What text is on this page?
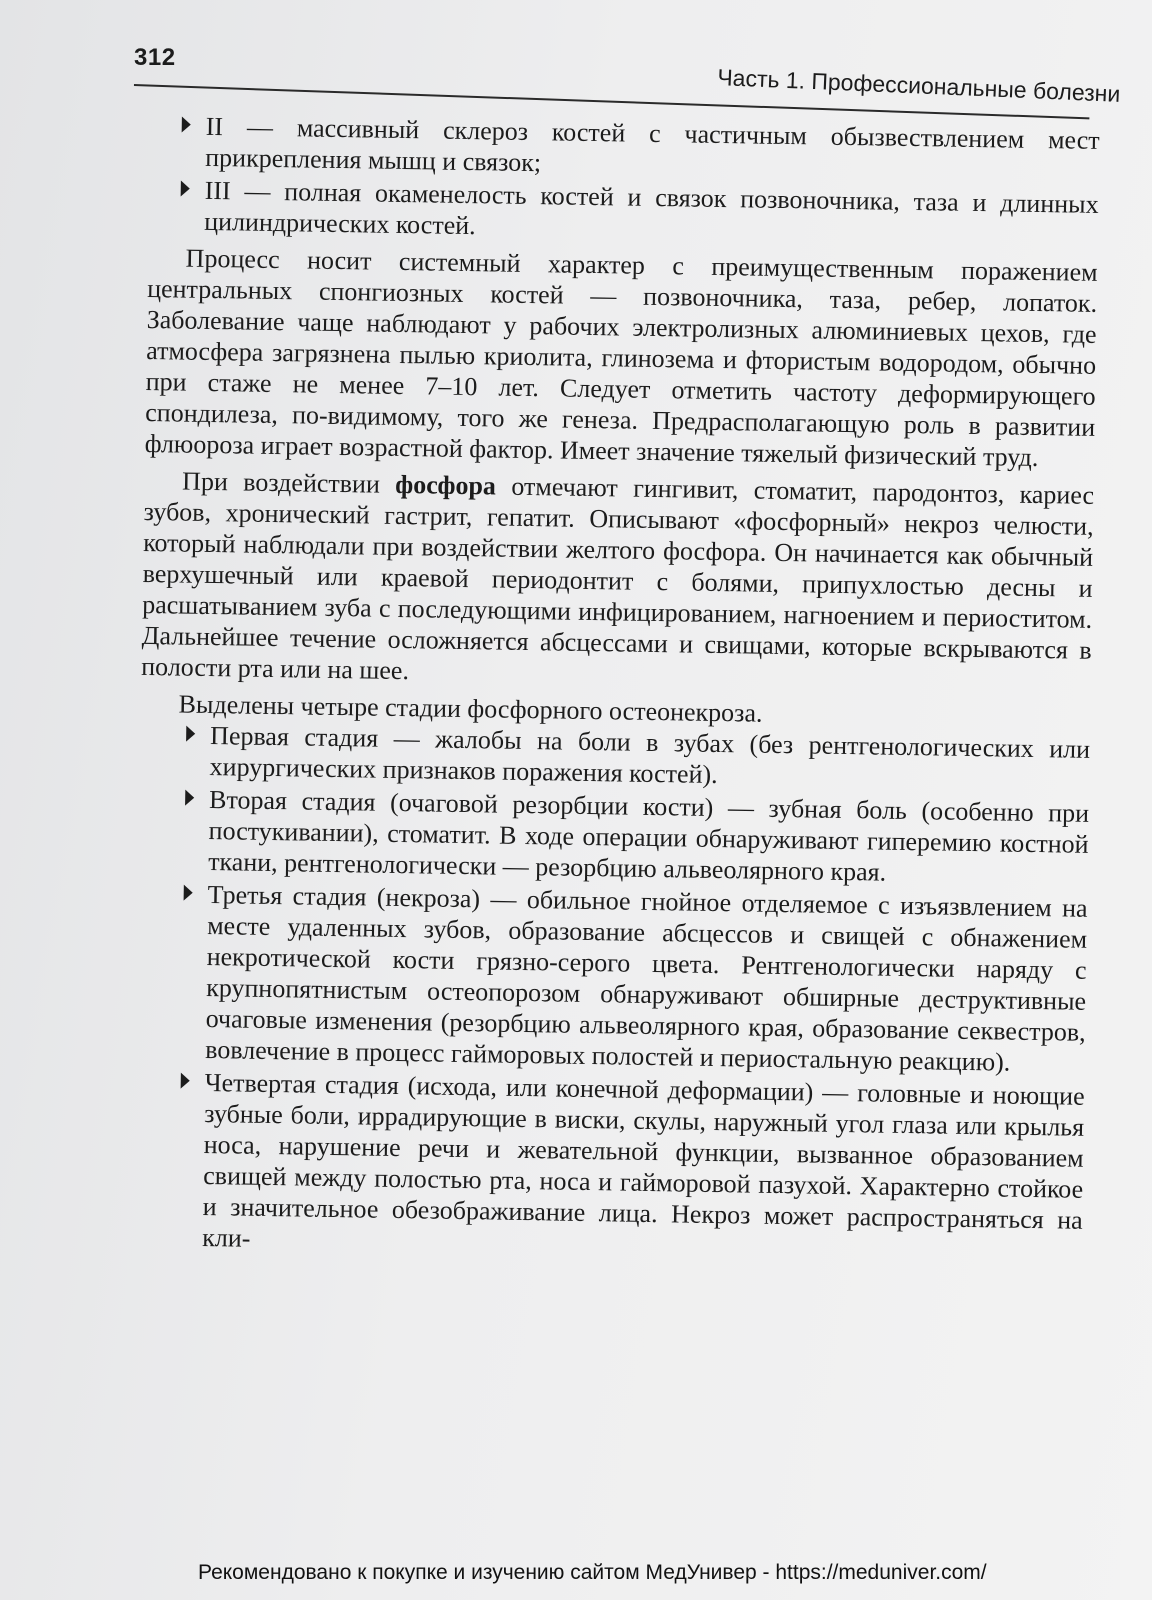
312
Часть 1. Профессиональные болезни
II — массивный склероз костей с частичным обызвествлением мест прикрепления мышц и связок;
III — полная окаменелость костей и связок позвоночника, таза и длинных цилиндрических костей.

Процесс носит системный характер с преимущественным поражением центральных спонгиозных костей — позвоночника, таза, ребер, лопаток. Заболевание чаще наблюдают у рабочих электролизных алюминиевых цехов, где атмосфера загрязнена пылью криолита, глинозема и фтористым водородом, обычно при стаже не менее 7–10 лет. Следует отметить частоту деформирующего спондилеза, по-видимому, того же генеза. Предрасполагающую роль в развитии флюороза играет возрастной фактор. Имеет значение тяжелый физический труд.

При воздействии фосфора отмечают гингивит, стоматит, пародонтоз, кариес зубов, хронический гастрит, гепатит. Описывают «фосфорный» некроз челюсти, который наблюдали при воздействии желтого фосфора. Он начинается как обычный верхушечный или краевой периодонтит с болями, припухлостью десны и расшатыванием зуба с последующими инфицированием, нагноением и периоститом. Дальнейшее течение осложняется абсцессами и свищами, которые вскрываются в полости рта или на шее.

Выделены четыре стадии фосфорного остеонекроза.

Первая стадия — жалобы на боли в зубах (без рентгенологических или хирургических признаков поражения костей).
Вторая стадия (очаговой резорбции кости) — зубная боль (особенно при постукивании), стоматит. В ходе операции обнаруживают гиперемию костной ткани, рентгенологически — резорбцию альвеолярного края.
Третья стадия (некроза) — обильное гнойное отделяемое с изъязвлением на месте удаленных зубов, образование абсцессов и свищей с обнажением некротической кости грязно-серого цвета. Рентгенологически наряду с крупнопятнистым остеопорозом обнаруживают обширные деструктивные очаговые изменения (резорбцию альвеолярного края, образование секвестров, вовлечение в процесс гайморовых полостей и периостальную реакцию).
Четвертая стадия (исхода, или конечной деформации) — головные и ноющие зубные боли, иррадирующие в виски, скулы, наружный угол глаза или крылья носа, нарушение речи и жевательной функции, вызванное образованием свищей между полостью рта, носа и гайморовой пазухой. Характерно стойкое и значительное обезображивание лица. Некроз может распространяться на кли-
Рекомендовано к покупке и изучению сайтом МедУнивер - https://meduniver.com/
